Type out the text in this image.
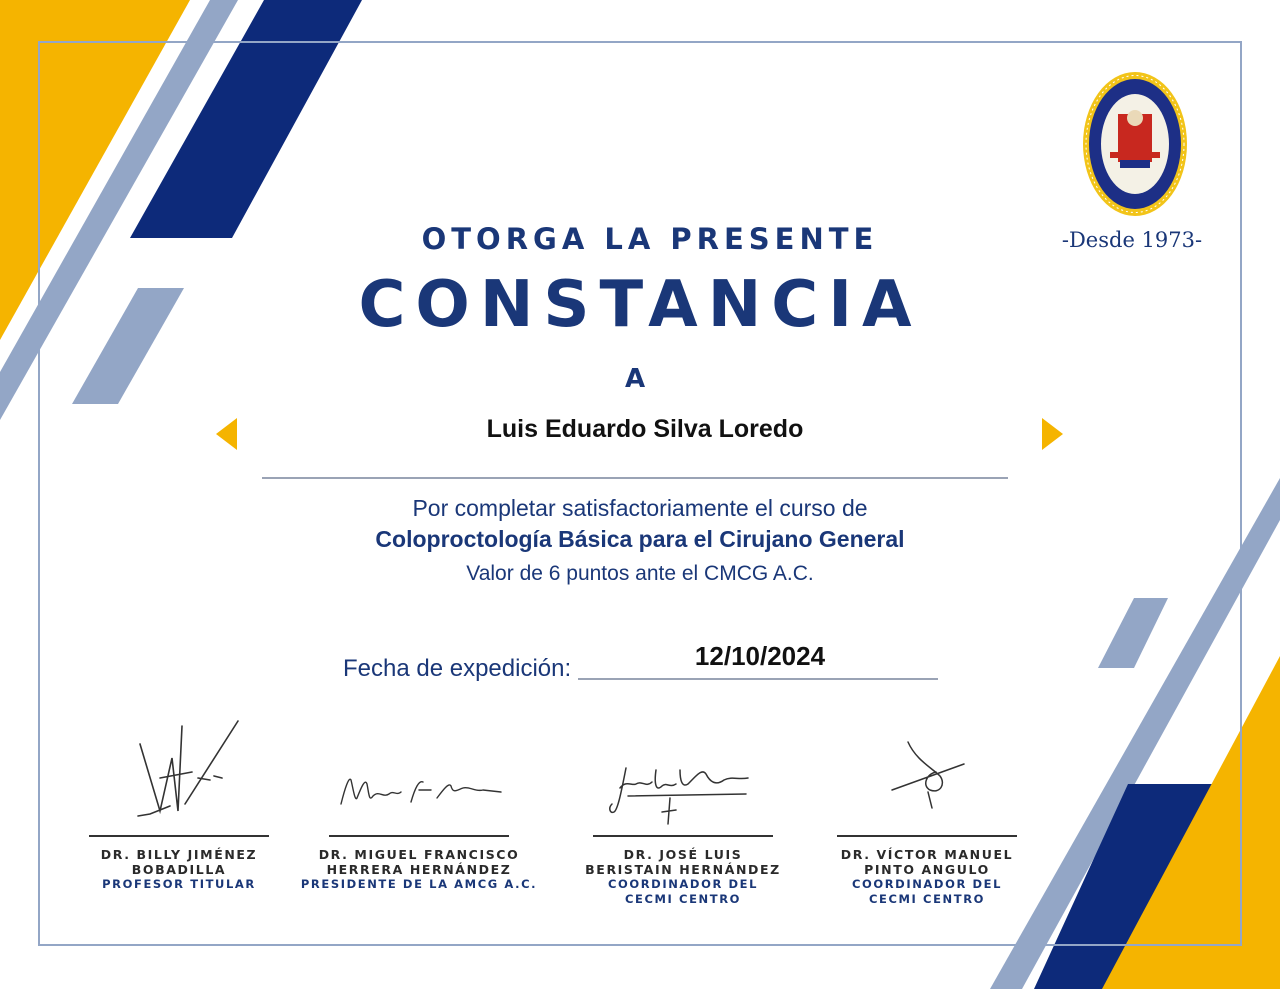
-Desde 1973-
OTORGA LA PRESENTE
CONSTANCIA
A
Luis Eduardo Silva Loredo
Por completar satisfactoriamente el curso de
Coloproctología Básica para el Cirujano General
Valor de 6 puntos ante el CMCG A.C.
Fecha de expedición:	12/10/2024
DR. BILLY JIMÉNEZ
BOBADILLA
PROFESOR TITULAR
DR. MIGUEL FRANCISCO
HERRERA HERNÁNDEZ
PRESIDENTE DE LA AMCG A.C.
DR. JOSÉ LUIS
BERISTAIN HERNÁNDEZ
COORDINADOR DEL
CECMI CENTRO
DR. VÍCTOR MANUEL
PINTO ANGULO
COORDINADOR DEL
CECMI CENTRO
